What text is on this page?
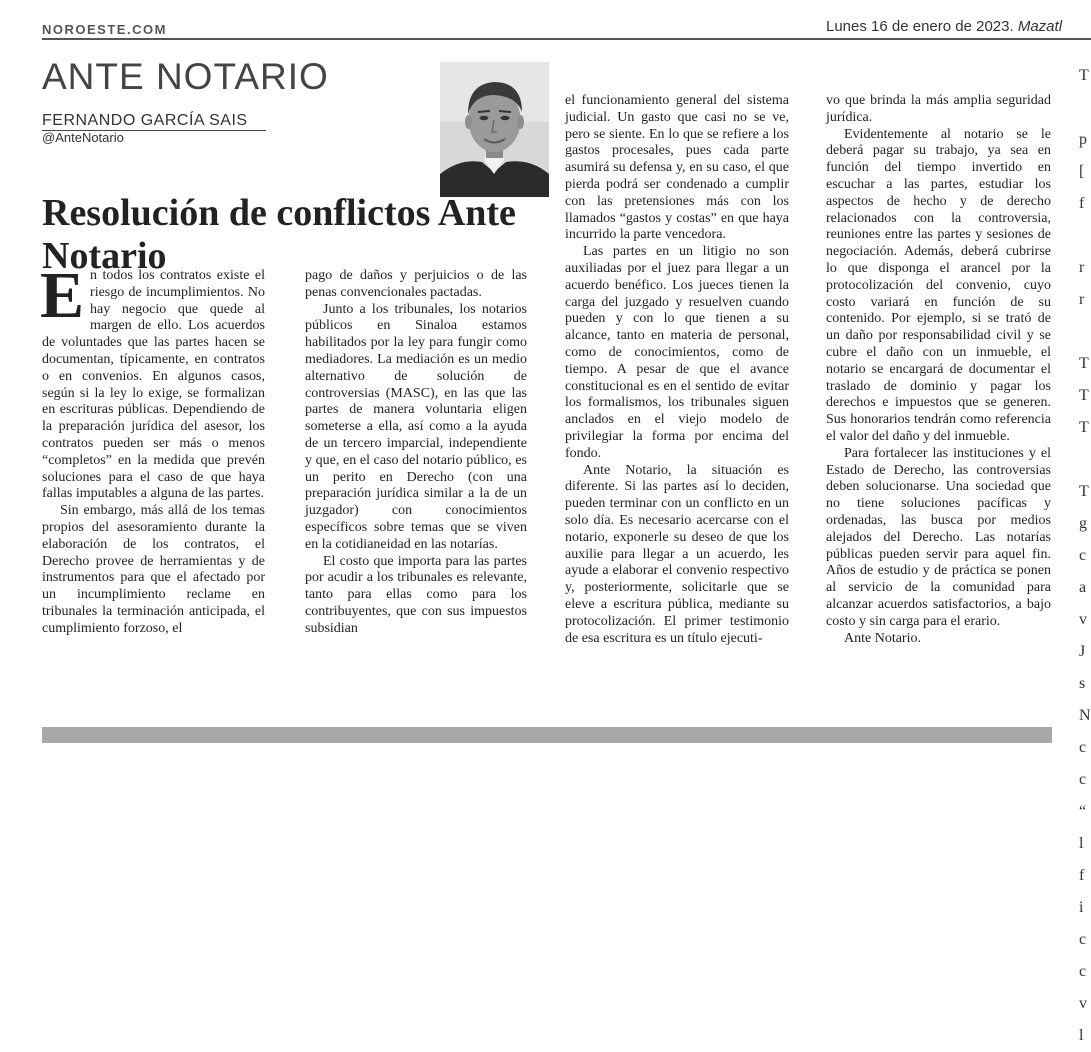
NOROESTE.COM	Lunes 16 de enero de 2023. Mazatl
ANTE NOTARIO
FERNANDO GARCÍA SAIS
@AnteNotario
Resolución de conflictos Ante Notario

En todos los contratos existe el riesgo de incumplimientos. No hay negocio que quede al margen de ello. Los acuerdos de voluntades que las partes hacen se documentan, típicamente, en contratos o en convenios. En algunos casos, según si la ley lo exige, se formalizan en escrituras públicas. Dependiendo de la preparación jurídica del asesor, los contratos pueden ser más o menos “completos” en la medida que prevén soluciones para el caso de que haya fallas imputables a alguna de las partes.

Sin embargo, más allá de los temas propios del asesoramiento durante la elaboración de los contratos, el Derecho provee de herramientas y de instrumentos para que el afectado por un incumplimiento reclame en tribunales la terminación anticipada, el cumplimiento forzoso, el

pago de daños y perjuicios o de las penas convencionales pactadas.

Junto a los tribunales, los notarios públicos en Sinaloa estamos habilitados por la ley para fungir como mediadores. La mediación es un medio alternativo de solución de controversias (MASC), en las que las partes de manera voluntaria eligen someterse a ella, así como a la ayuda de un tercero imparcial, independiente y que, en el caso del notario público, es un perito en Derecho (con una preparación jurídica similar a la de un juzgador) con conocimientos específicos sobre temas que se viven en la cotidianeidad en las notarías.

El costo que importa para las partes por acudir a los tribunales es relevante, tanto para ellas como para los contribuyentes, que con sus impuestos subsidian

el funcionamiento general del sistema judicial. Un gasto que casi no se ve, pero se siente. En lo que se refiere a los gastos procesales, pues cada parte asumirá su defensa y, en su caso, el que pierda podrá ser condenado a cumplir con las pretensiones más con los llamados “gastos y costas” en que haya incurrido la parte vencedora.

Las partes en un litigio no son auxiliadas por el juez para llegar a un acuerdo benéfico. Los jueces tienen la carga del juzgado y resuelven cuando pueden y con lo que tienen a su alcance, tanto en materia de personal, como de conocimientos, como de tiempo. A pesar de que el avance constitucional es en el sentido de evitar los formalismos, los tribunales siguen anclados en el viejo modelo de privilegiar la forma por encima del fondo.

Ante Notario, la situación es diferente. Si las partes así lo deciden, pueden terminar con un conflicto en un solo día. Es necesario acercarse con el notario, exponerle su deseo de que los auxilie para llegar a un acuerdo, les ayude a elaborar el convenio respectivo y, posteriormente, solicitarle que se eleve a escritura pública, mediante su protocolización. El primer testimonio de esa escritura es un título ejecuti-

vo que brinda la más amplia seguridad jurídica.

Evidentemente al notario se le deberá pagar su trabajo, ya sea en función del tiempo invertido en escuchar a las partes, estudiar los aspectos de hecho y de derecho relacionados con la controversia, reuniones entre las partes y sesiones de negociación. Además, deberá cubrirse lo que disponga el arancel por la protocolización del convenio, cuyo costo variará en función de su contenido. Por ejemplo, si se trató de un daño por responsabilidad civil y se cubre el daño con un inmueble, el notario se encargará de documentar el traslado de dominio y pagar los derechos e impuestos que se generen. Sus honorarios tendrán como referencia el valor del daño y del inmueble.

Para fortalecer las instituciones y el Estado de Derecho, las controversias deben solucionarse. Una sociedad que no tiene soluciones pacíficas y ordenadas, las busca por medios alejados del Derecho. Las notarías públicas pueden servir para aquel fin. Años de estudio y de práctica se ponen al servicio de la comunidad para alcanzar acuerdos satisfactorios, a bajo costo y sin carga para el erario.

Ante Notario.

T

p
[
f

r
r

T
T
T

T
g
c
a
v
J
s
N
c
c
“
l
f
i
c
c
v
l
